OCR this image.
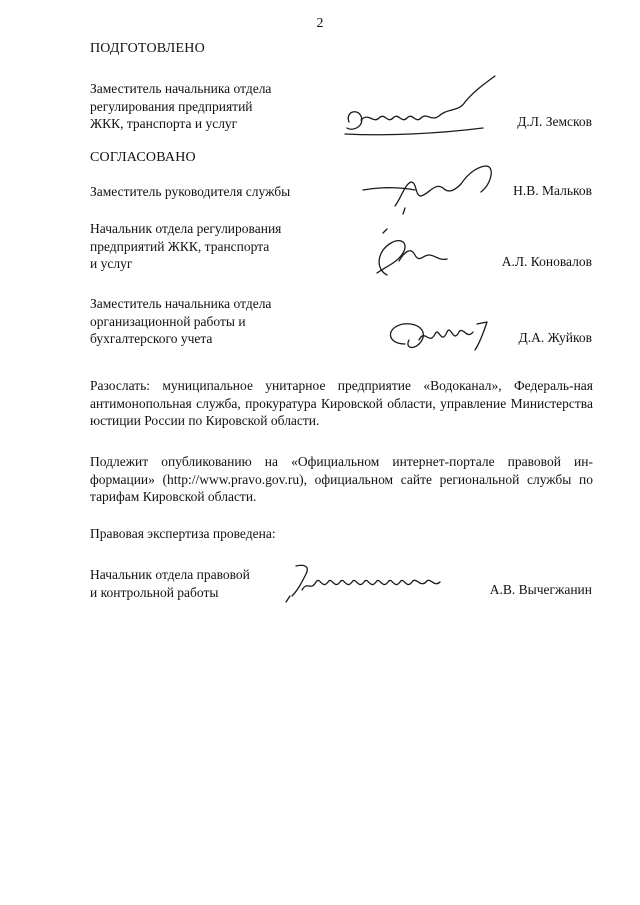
2
ПОДГОТОВЛЕНО
Заместитель начальника отдела
регулирования предприятий
ЖКК, транспорта и услуг	Д.Л. Земсков
СОГЛАСОВАНО
Заместитель руководителя службы	Н.В. Мальков
Начальник отдела регулирования
предприятий ЖКК, транспорта
и услуг	А.Л. Коновалов
Заместитель начальника отдела
организационной работы и
бухгалтерского учета	Д.А. Жуйков
Разослать: муниципальное унитарное предприятие «Водоканал», Федераль-ная антимонопольная служба, прокуратура Кировской области, управление Министерства юстиции России по Кировской области.
Подлежит опубликованию на «Официальном интернет-портале правовой ин-формации» (http://www.pravo.gov.ru), официальном сайте региональной службы по тарифам Кировской области.
Правовая экспертиза проведена:
Начальник отдела правовой
и контрольной работы	А.В. Вычегжанин
